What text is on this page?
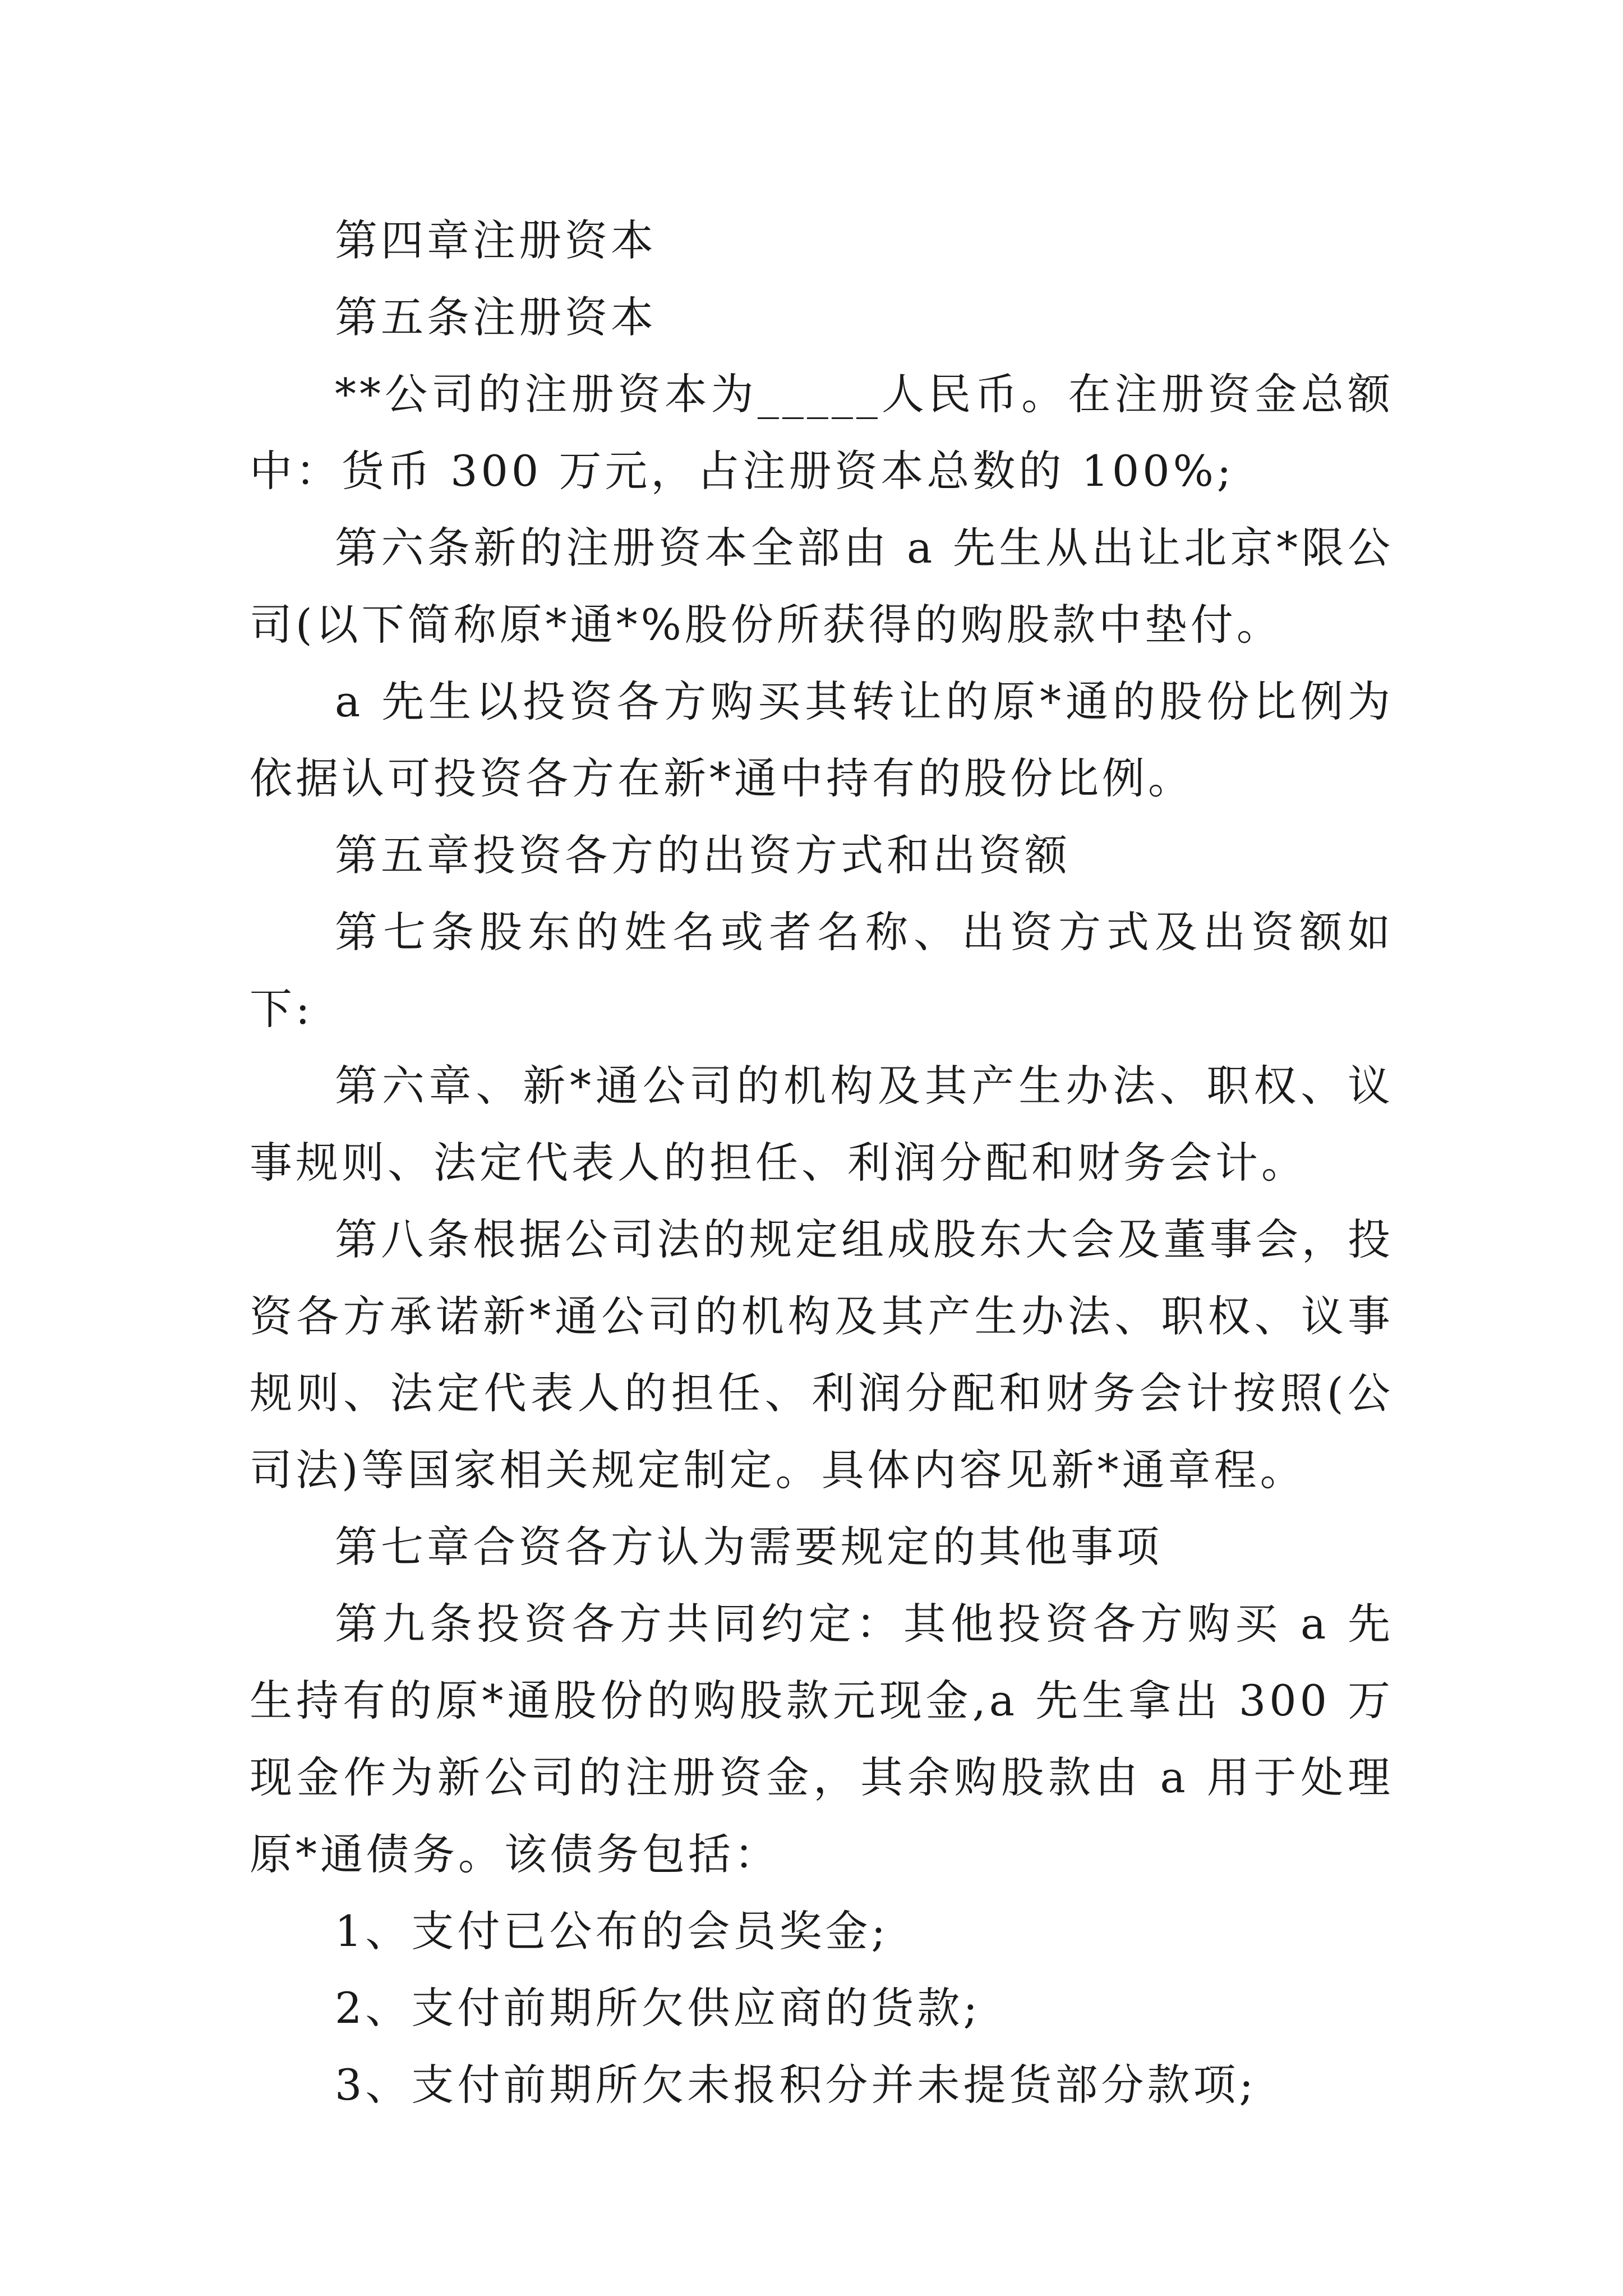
第四章注册资本

第五条注册资本

**公司的注册资本为_____人民币。在注册资金总额中：货币 300 万元，占注册资本总数的 100%;

第六条新的注册资本全部由 a 先生从出让北京*限公司(以下简称原*通*%股份所获得的购股款中垫付。

a 先生以投资各方购买其转让的原*通的股份比例为依据认可投资各方在新*通中持有的股份比例。

第五章投资各方的出资方式和出资额

第七条股东的姓名或者名称、出资方式及出资额如下:

第六章、新*通公司的机构及其产生办法、职权、议事规则、法定代表人的担任、利润分配和财务会计。

第八条根据公司法的规定组成股东大会及董事会，投资各方承诺新*通公司的机构及其产生办法、职权、议事规则、法定代表人的担任、利润分配和财务会计按照(公司法)等国家相关规定制定。具体内容见新*通章程。

第七章合资各方认为需要规定的其他事项

第九条投资各方共同约定：其他投资各方购买 a 先生持有的原*通股份的购股款元现金,a 先生拿出 300 万现金作为新公司的注册资金，其余购股款由 a 用于处理原*通债务。该债务包括：

1、支付已公布的会员奖金;

2、支付前期所欠供应商的货款;

3、支付前期所欠未报积分并未提货部分款项;
